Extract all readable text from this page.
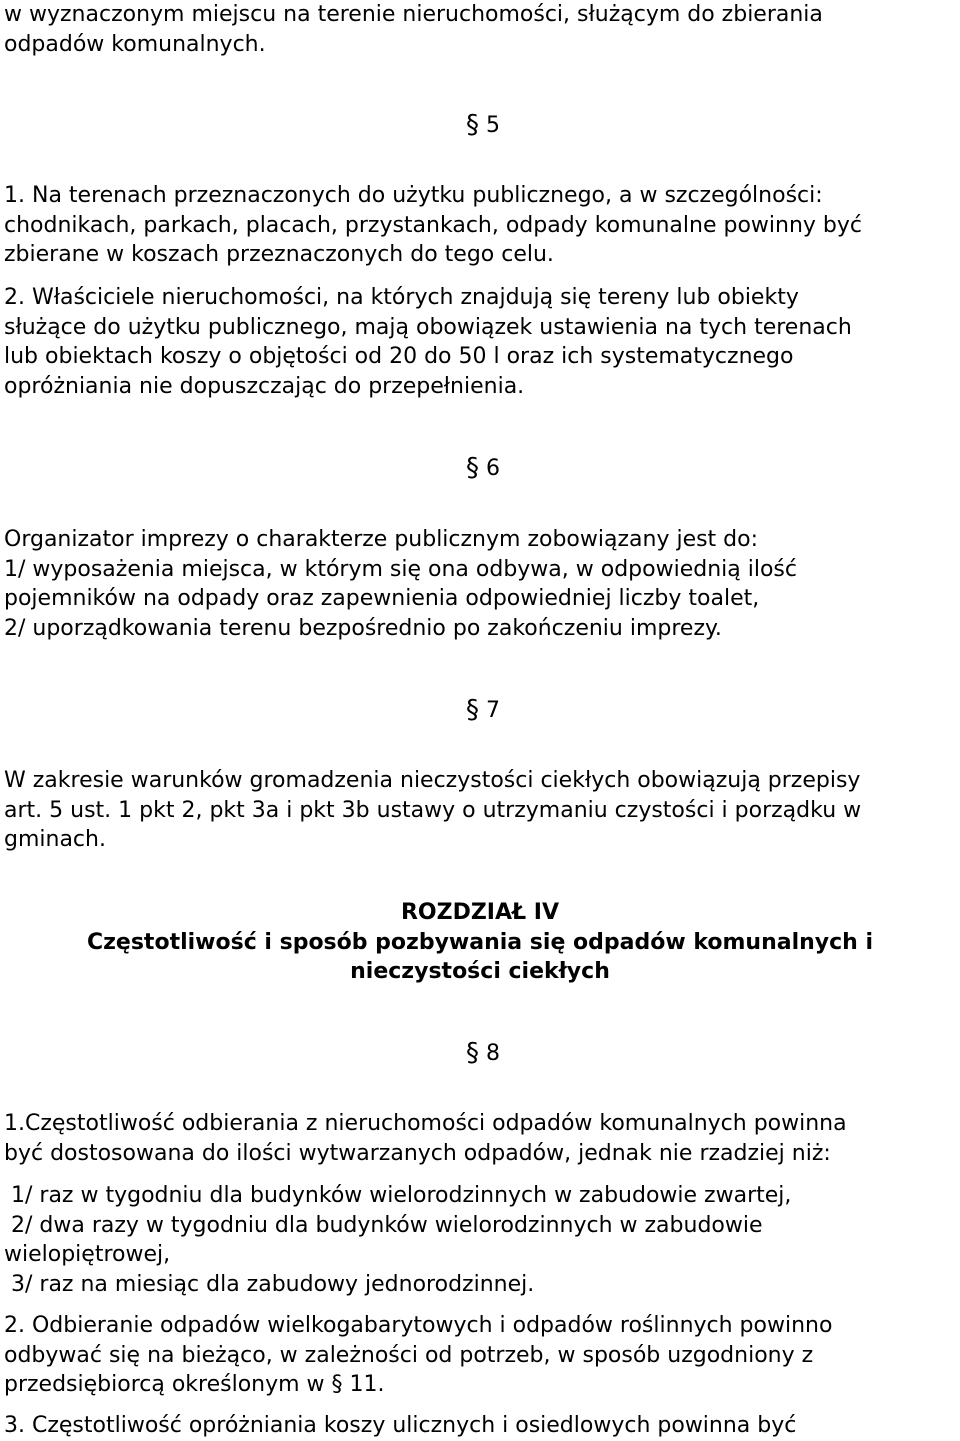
w wyznaczonym miejscu na terenie nieruchomości, służącym do zbierania
odpadów komunalnych.
§ 5
1. Na terenach przeznaczonych do użytku publicznego, a w szczególności:
chodnikach, parkach, placach, przystankach, odpady komunalne powinny być
zbierane w koszach przeznaczonych do tego celu.
2. Właściciele nieruchomości, na których znajdują się tereny lub obiekty
służące do użytku publicznego, mają obowiązek ustawienia na tych terenach
lub obiektach koszy o objętości od 20 do 50 l oraz ich systematycznego
opróżniania nie dopuszczając do przepełnienia.
§ 6
Organizator imprezy o charakterze publicznym zobowiązany jest do:
1/ wyposażenia miejsca, w którym się ona odbywa, w odpowiednią ilość
pojemników na odpady oraz zapewnienia odpowiedniej liczby toalet,
2/ uporządkowania terenu bezpośrednio po zakończeniu imprezy.
§ 7
W zakresie warunków gromadzenia nieczystości ciekłych obowiązują przepisy
art. 5 ust. 1 pkt 2, pkt 3a i pkt 3b ustawy o utrzymaniu czystości i porządku w
gminach.
ROZDZIAŁ IV
Częstotliwość i sposób pozbywania się odpadów komunalnych i
nieczystości ciekłych
§ 8
1.Częstotliwość odbierania z nieruchomości odpadów komunalnych powinna
być dostosowana do ilości wytwarzanych odpadów, jednak nie rzadziej niż:
1/ raz w tygodniu dla budynków wielorodzinnych w zabudowie zwartej,
2/ dwa razy w tygodniu dla budynków wielorodzinnych w zabudowie
wielopiętrowej,
3/ raz na miesiąc dla zabudowy jednorodzinnej.
2. Odbieranie odpadów wielkogabarytowych i odpadów roślinnych powinno
odbywać się na bieżąco, w zależności od potrzeb, w sposób uzgodniony z
przedsiębiorcą określonym w § 11.
3. Częstotliwość opróżniania koszy ulicznych i osiedlowych powinna być
